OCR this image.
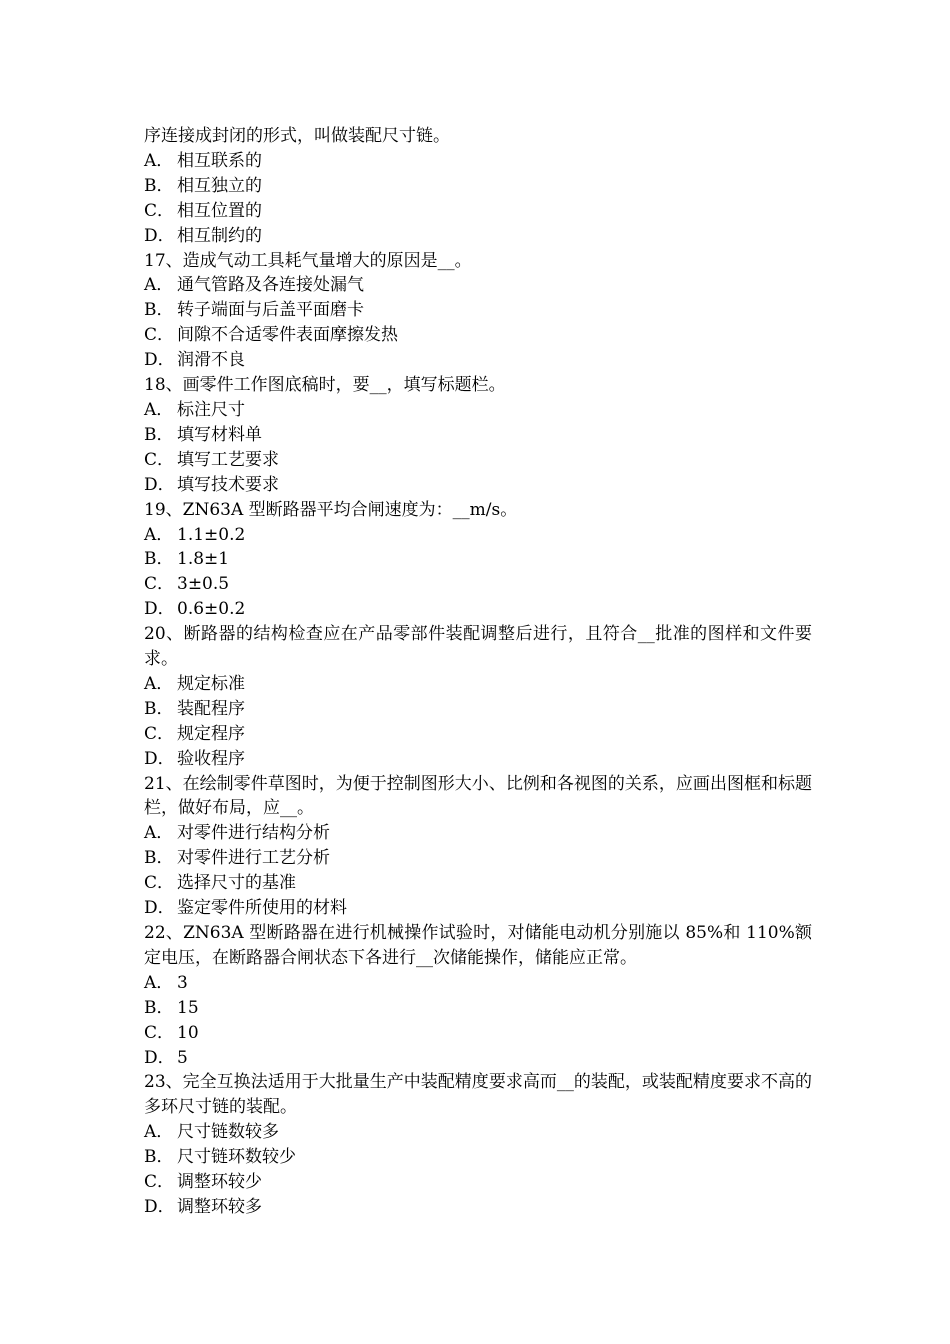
序连接成封闭的形式，叫做装配尺寸链。

A． 相互联系的

B． 相互独立的

C． 相互位置的

D． 相互制约的

17、造成气动工具耗气量增大的原因是__。

A． 通气管路及各连接处漏气

B． 转子端面与后盖平面磨卡

C． 间隙不合适零件表面摩擦发热

D． 润滑不良

18、画零件工作图底稿时，要__，填写标题栏。

A． 标注尺寸

B． 填写材料单

C． 填写工艺要求

D． 填写技术要求

19、ZN63A 型断路器平均合闸速度为：__m/s。

A． 1.1±0.2

B． 1.8±1

C． 3±0.5

D． 0.6±0.2

20、断路器的结构检查应在产品零部件装配调整后进行，且符合__批准的图样和文件要求。

A． 规定标准

B． 装配程序

C． 规定程序

D． 验收程序

21、在绘制零件草图时，为便于控制图形大小、比例和各视图的关系，应画出图框和标题栏，做好布局，应__。

A． 对零件进行结构分析

B． 对零件进行工艺分析

C． 选择尺寸的基准

D． 鉴定零件所使用的材料

22、ZN63A 型断路器在进行机械操作试验时，对储能电动机分别施以 85%和 110%额定电压，在断路器合闸状态下各进行__次储能操作，储能应正常。

A． 3

B． 15

C． 10

D． 5

23、完全互换法适用于大批量生产中装配精度要求高而__的装配，或装配精度要求不高的多环尺寸链的装配。

A． 尺寸链数较多

B． 尺寸链环数较少

C． 调整环较少

D． 调整环较多
